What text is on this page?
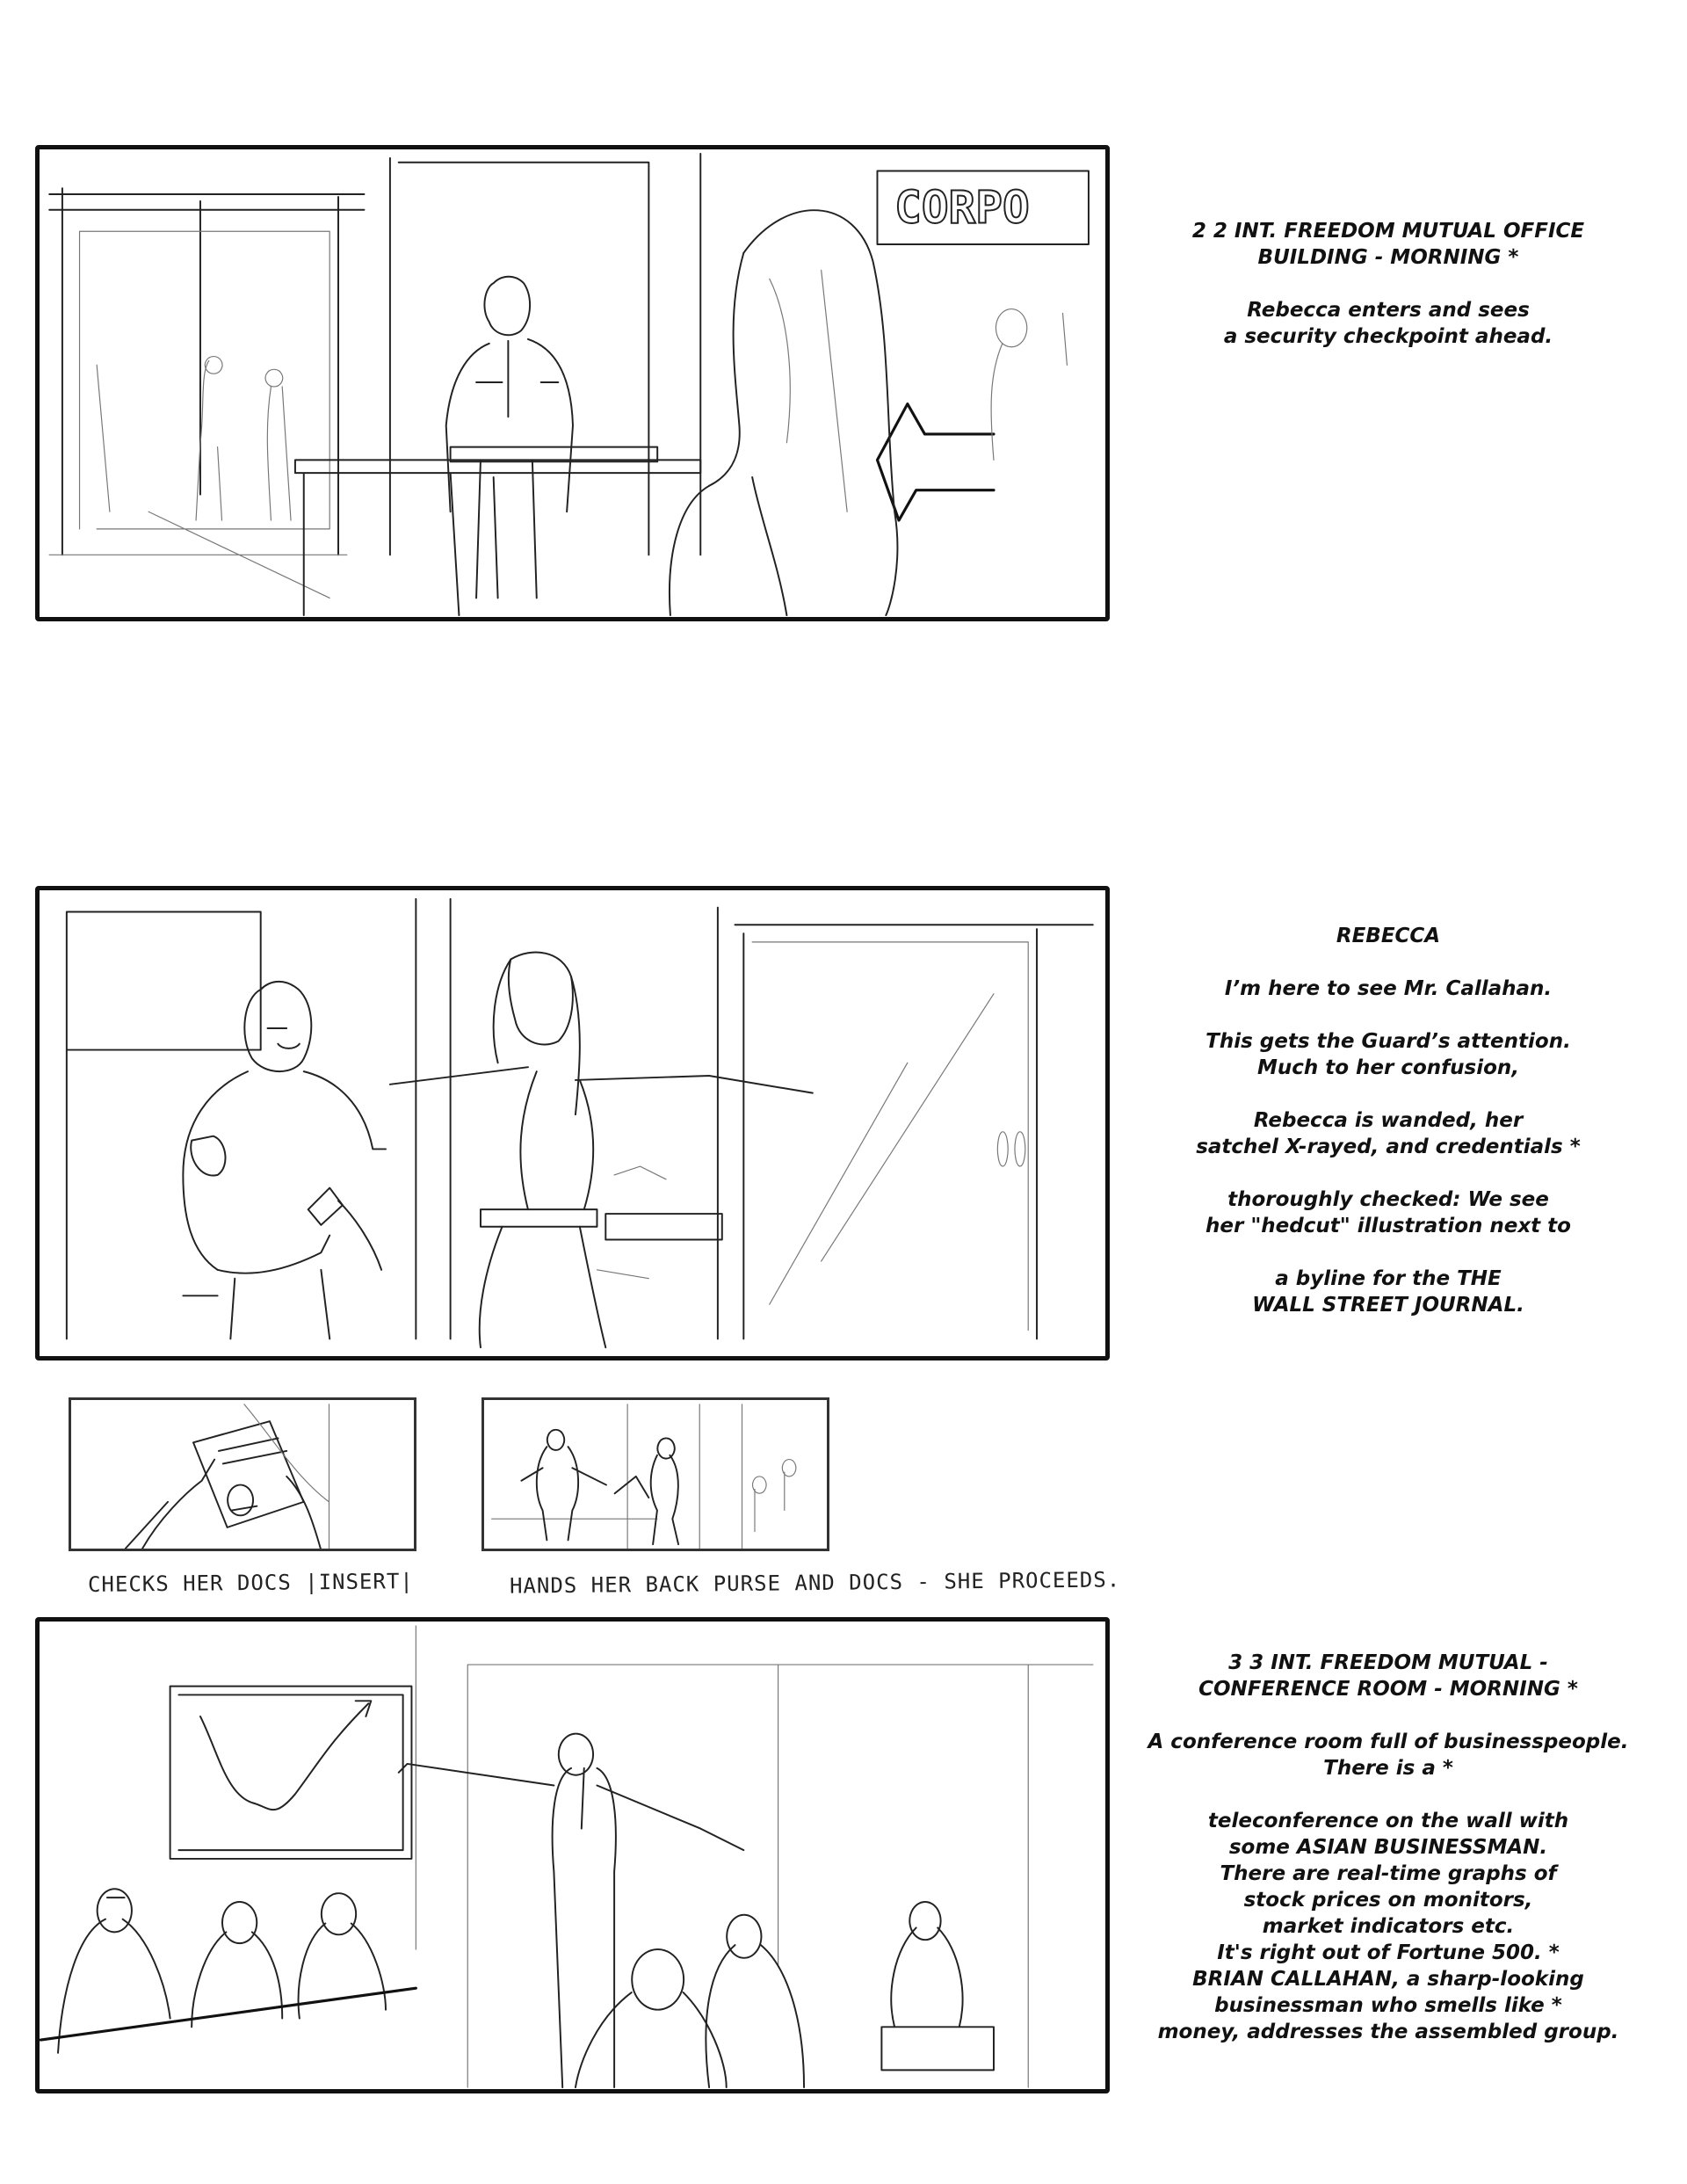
CORPO	2 2 INT. FREEDOM MUTUAL OFFICE
BUILDING - MORNING *

Rebecca enters and sees
a security checkpoint ahead.

REBECCA

I’m here to see Mr. Callahan.

This gets the Guard’s attention.
Much to her confusion,

Rebecca is wanded, her
satchel X-rayed, and credentials *

thoroughly checked: We see
her "hedcut" illustration next to

a byline for the THE
WALL STREET JOURNAL.

CHECKS HER DOCS |INSERT|	HANDS HER BACK PURSE AND DOCS - SHE PROCEEDS.

3 3 INT. FREEDOM MUTUAL -
CONFERENCE ROOM - MORNING *

A conference room full of businesspeople.
There is a *

teleconference on the wall with
some ASIAN BUSINESSMAN.
There are real-time graphs of
stock prices on monitors,
market indicators etc.
It's right out of Fortune 500. *
BRIAN CALLAHAN, a sharp-looking
businessman who smells like *
money, addresses the assembled group.
